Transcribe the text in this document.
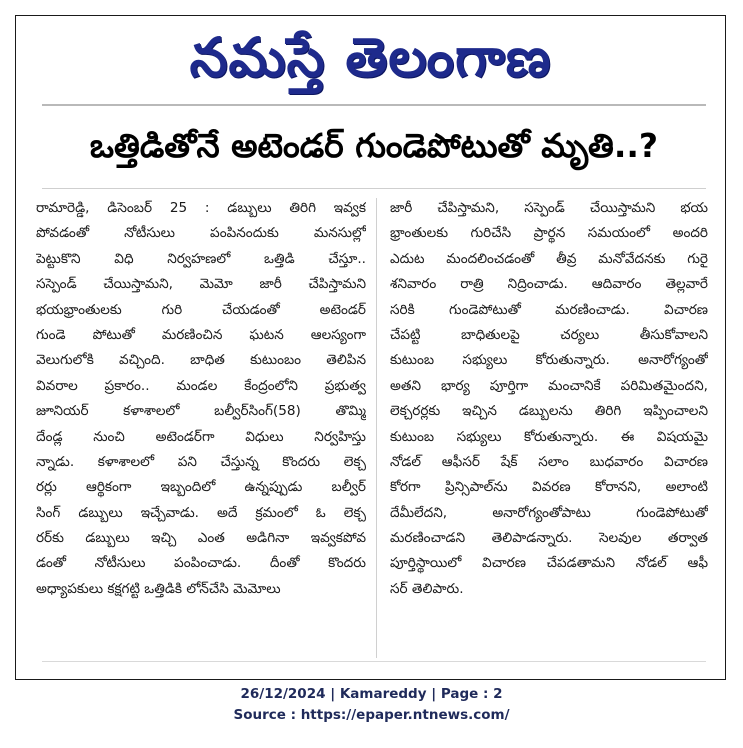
నమస్తే తెలంగాణ
ఒత్తిడితోనే అటెండర్ గుండెపోటుతో మృతి..?
రామారెడ్డి, డిసెంబర్ 25 : డబ్బులు తిరిగి ఇవ్వక
పోవడంతో నోటీసులు పంపినందుకు మనసుల్లో
పెట్టుకొని విధి నిర్వహణలో ఒత్తిడి చేస్తూ..
సస్పెండ్ చేయిస్తామని, మెమో జారీ చేపిస్తామని
భయభ్రాంతులకు గురి చేయడంతో అటెండర్
గుండె పోటుతో మరణించిన ఘటన ఆలస్యంగా
వెలుగులోకి వచ్చింది. బాధిత కుటుంబం తెలిపిన
వివరాల ప్రకారం.. మండల కేంద్రంలోని ప్రభుత్వ
జూనియర్ కళాశాలలో బల్వీర్‌సింగ్(58) తొమ్మి
దేండ్ల నుంచి అటెండర్‌గా విధులు నిర్వహిస్తు
న్నాడు. కళాశాలలో పని చేస్తున్న కొందరు లెక్చ
రర్లు ఆర్థికంగా ఇబ్బందిలో ఉన్నప్పుడు బల్వీర్
సింగ్ డబ్బులు ఇచ్చేవాడు. అదే క్రమంలో ఓ లెక్చ
రర్‌కు డబ్బులు ఇచ్చి ఎంత అడిగినా ఇవ్వకపోవ
డంతో నోటీసులు పంపించాడు. దీంతో కొందరు
అధ్యాపకులు కక్షగట్టి ఒత్తిడికి లోన్‌చేసి మెమోలు
జారీ చేపిస్తామని, సస్పెండ్ చేయిస్తామని భయ
భ్రాంతులకు గురిచేసి ప్రార్థన సమయంలో అందరి
ఎదుట మందలించడంతో తీవ్ర మనోవేదనకు గురై
శనివారం రాత్రి నిద్రించాడు. ఆదివారం తెల్లవారే
సరికి గుండెపోటుతో మరణించాడు. విచారణ
చేపట్టి బాధితులపై చర్యలు తీసుకోవాలని
కుటుంబ సభ్యులు కోరుతున్నారు. అనారోగ్యంతో
అతని భార్య పూర్తిగా మంచానికే పరిమితమైందని,
లెక్చరర్లకు ఇచ్చిన డబ్బులను తిరిగి ఇప్పించాలని
కుటుంబ సభ్యులు కోరుతున్నారు. ఈ విషయమై
నోడల్ ఆఫీసర్ షేక్ సలాం బుధవారం విచారణ
కోరగా ప్రిన్సిపాల్‌ను వివరణ కోరానని, అలాంటి
దేమీలేదని, అనారోగ్యంతోపాటు గుండెపోటుతో
మరణించాడని తెలిపాడన్నారు. సెలవుల తర్వాత
పూర్తిస్థాయిలో విచారణ చేపడతామని నోడల్ ఆఫీ
సర్ తెలిపారు.
26/12/2024 | Kamareddy | Page : 2
Source : https://epaper.ntnews.com/
